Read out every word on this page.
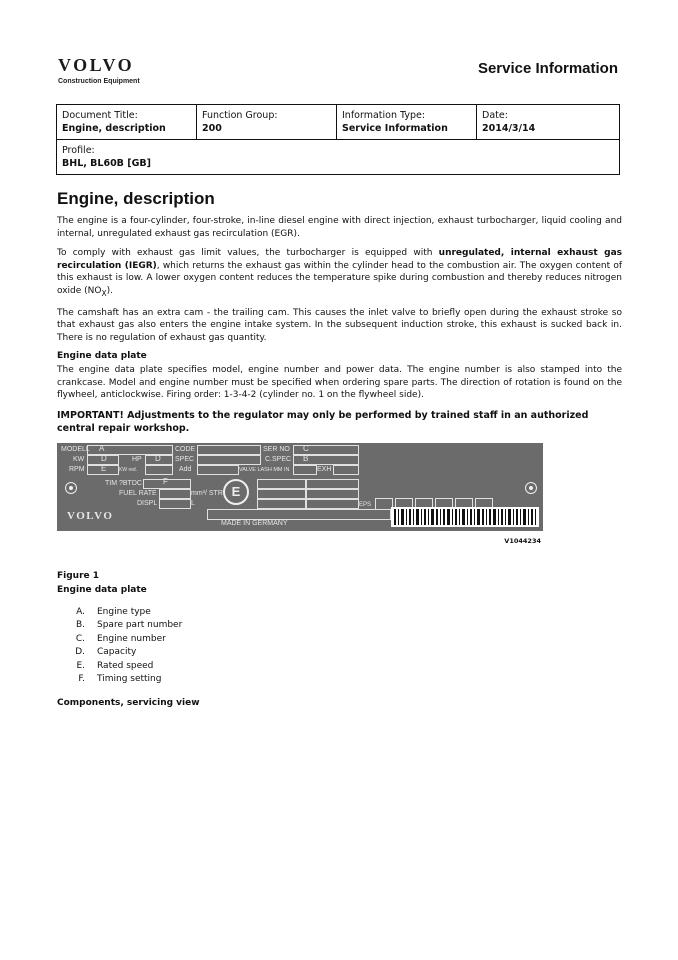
VOLVO
Construction Equipment
Service Information
Document Title:
Engine, description

Function Group:
200

Information Type:
Service Information

Date:
2014/3/14

Profile:
BHL, BL60B [GB]
Engine, description

The engine is a four-cylinder, four-stroke, in-line diesel engine with direct injection, exhaust turbocharger, liquid cooling and internal, unregulated exhaust gas recirculation (EGR).

To comply with exhaust gas limit values, the turbocharger is equipped with unregulated, internal exhaust gas recirculation (IEGR), which returns the exhaust gas within the cylinder head to the combustion air. The oxygen content of this exhaust is low. A lower oxygen content reduces the temperature spike during combustion and thereby reduces nitrogen oxide $(NO_X)$.

The camshaft has an extra cam - the trailing cam. This causes the inlet valve to briefly open during the exhaust stroke so that exhaust gas also enters the engine intake system. In the subsequent induction stroke, this exhaust is sucked back in. There is no regulation of exhaust gas quantity.

Engine data plate

The engine data plate specifies model, engine number and power data. The engine number is also stamped into the crankcase. Model and engine number must be specified when ordering spare parts. The direction of rotation is found on the flywheel, anticlockwise. Firing order: 1-3-4-2 (cylinder no. 1 on the flywheel side).

IMPORTANT! Adjustments to the regulator may only be performed by trained staff in an authorized central repair workshop.
MODELL A	CODE	SER NO C
KW D	HP D SPEC	C.SPEC B
RPM E	KW red.	Add	VALVE LASH MM IN	EXH
TIM ?BTDC	F
FUEL RATE	mm³/ STR
DISPL	L
E
EPS
VOLVO
MADE IN GERMANY
V1044234
Figure 1
Engine data plate
A. Engine type
B. Spare part number
C. Engine number
D. Capacity
E. Rated speed
F. Timing setting
Components, servicing view
